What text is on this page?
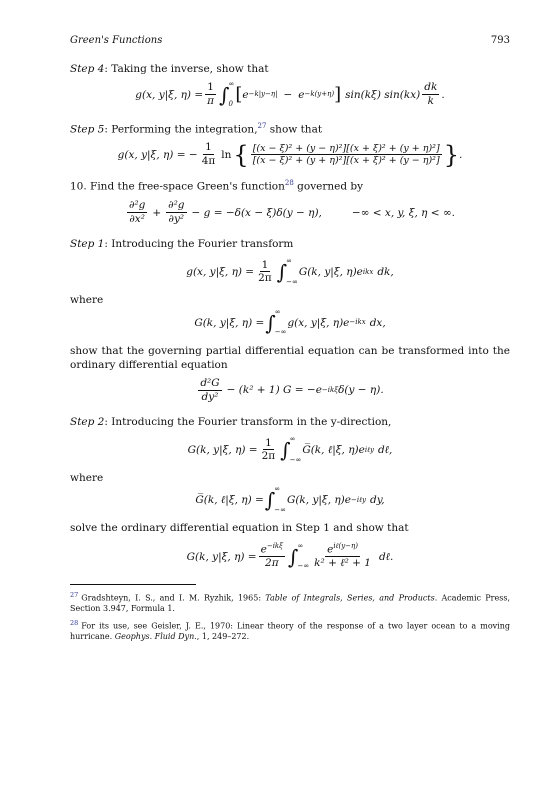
Green's Functions	793

Step 4: Taking the inverse, show that

g(x, y|ξ, $\eta) = \frac{1}{\pi}$ ∫ ∞
0 [ e −k|y−η| − e −k(y+η) ] sin(kξ) $\sin(kx) \frac{dk}{k}$ .

Step 5: Performing the integration,$^{27}$ show that

g(x, y|ξ, η) = − $\frac{1}{4\pi}$ ln { $\frac{\text{[(x − ξ)² + (y − η)²][(x + ξ)² + (y + η)²]}}{\text{[(x − ξ)² + (y + η)²][(x + ξ)² + (y − η)²]}}$ } .

10. Find the free-space Green's function$^{28}$ governed by

$\frac{\text{∂²g}}{\text{∂x²}} + \frac{\text{∂²g}}{\text{∂y²}} - g = -\delta(x - \xi)\delta(y - \eta)$,	−∞ < x, y, ξ, η < ∞.

Step 1: Introducing the Fourier transform

g(x, y|ξ, $\eta) = \frac{1}{2\pi}$ ∫ ∞
−∞
G(k, y|ξ, η)e ikx dk,

where

G(k, y|ξ, η) = ∫ ∞
−∞
g(x, y|ξ, η)e −ikx dx,

show that the governing partial differential equation can be transformed into the ordinary differential equation

$\frac{\text{d²G}}{\text{dy²}} - (k^2 + 1) G = -e -ik\xi$ δ(y − η).

Step 2: Introducing the Fourier transform in the y-direction,

G(k, y|ξ, $\eta) = \frac{1}{2\pi}$ ∫ ∞
−∞
G̅(k, ℓ|ξ, η)e iℓy dℓ,

where

G̅(k, ℓ|ξ, η) = ∫ ∞
−∞
G(k, y|ξ, η)e −iℓy dy,

solve the ordinary differential equation in Step 1 and show that

G(k, y|ξ, $\eta) = \frac{e^{-ik\xi}}{2\pi}$ ∫ ∞
−∞ $\frac{e^{i\ell(y-\eta)}}{\text{k² + ℓ² + 1}}$ dℓ.

$^{27}$ Gradshteyn, I. S., and I. M. Ryzhik, 1965: Table of Integrals, Series, and Products. Academic Press, Section 3.947, Formula 1.

$^{28}$ For its use, see Geisler, J. E., 1970: Linear theory of the response of a two layer ocean to a moving hurricane. Geophys. Fluid Dyn., 1, 249–272.
